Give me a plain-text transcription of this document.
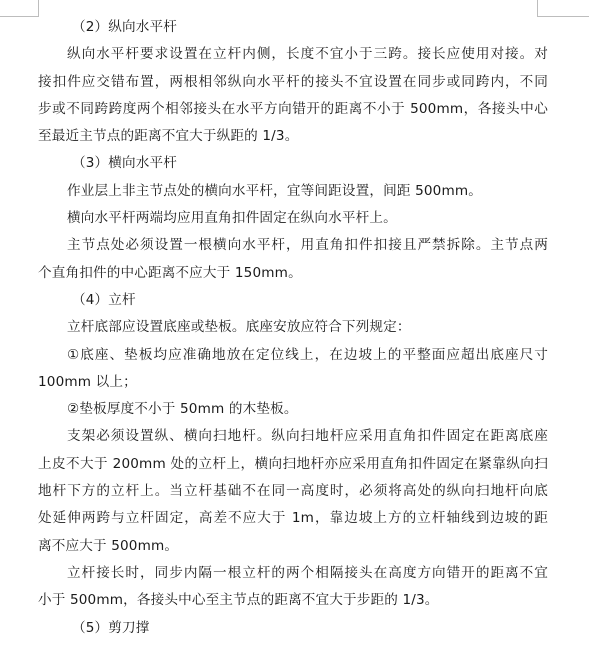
（2）纵向水平杆
纵向水平杆要求设置在立杆内侧，长度不宜小于三跨。接长应使用对接。对
接扣件应交错布置，两根相邻纵向水平杆的接头不宜设置在同步或同跨内，不同
步或不同跨跨度两个相邻接头在水平方向错开的距离不小于 500mm，各接头中心
至最近主节点的距离不宜大于纵距的 1/3。
（3）横向水平杆
作业层上非主节点处的横向水平杆，宜等间距设置，间距 500mm。
横向水平杆两端均应用直角扣件固定在纵向水平杆上。
主节点处必须设置一根横向水平杆，用直角扣件扣接且严禁拆除。主节点两
个直角扣件的中心距离不应大于 150mm。
（4）立杆
立杆底部应设置底座或垫板。底座安放应符合下列规定：
①底座、垫板均应准确地放在定位线上，在边坡上的平整面应超出底座尺寸
100mm 以上；
②垫板厚度不小于 50mm 的木垫板。
支架必须设置纵、横向扫地杆。纵向扫地杆应采用直角扣件固定在距离底座
上皮不大于 200mm 处的立杆上，横向扫地杆亦应采用直角扣件固定在紧靠纵向扫
地杆下方的立杆上。当立杆基础不在同一高度时，必须将高处的纵向扫地杆向底
处延伸两跨与立杆固定，高差不应大于 1m，靠边坡上方的立杆轴线到边坡的距
离不应大于 500mm。
立杆接长时，同步内隔一根立杆的两个相隔接头在高度方向错开的距离不宜
小于 500mm，各接头中心至主节点的距离不宜大于步距的 1/3。
（5）剪刀撑
